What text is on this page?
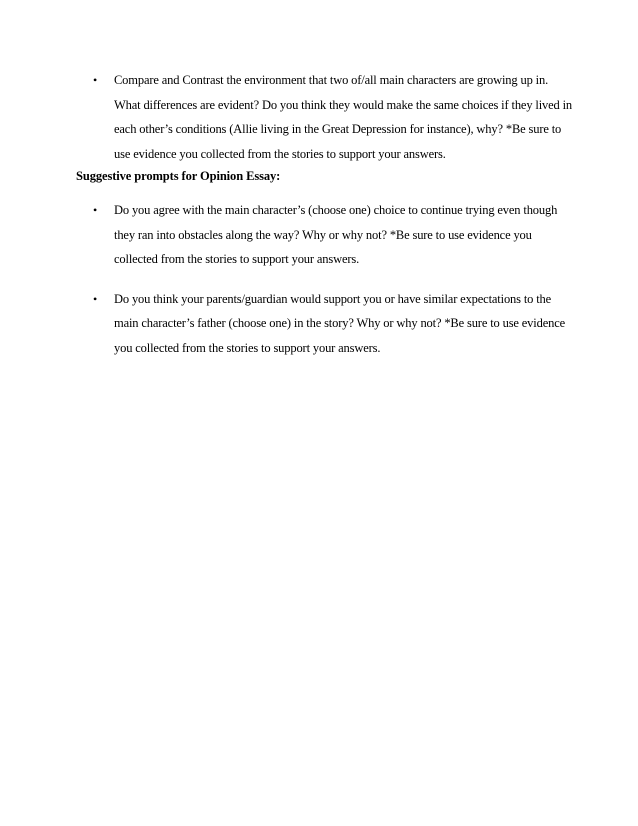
• Compare and Contrast the environment that two of/all main characters are growing up in. What differences are evident? Do you think they would make the same choices if they lived in each other’s conditions (Allie living in the Great Depression for instance), why? *Be sure to use evidence you collected from the stories to support your answers.
Suggestive prompts for Opinion Essay:
• Do you agree with the main character’s (choose one) choice to continue trying even though they ran into obstacles along the way? Why or why not? *Be sure to use evidence you collected from the stories to support your answers.
• Do you think your parents/guardian would support you or have similar expectations to the main character’s father (choose one) in the story? Why or why not? *Be sure to use evidence you collected from the stories to support your answers.
